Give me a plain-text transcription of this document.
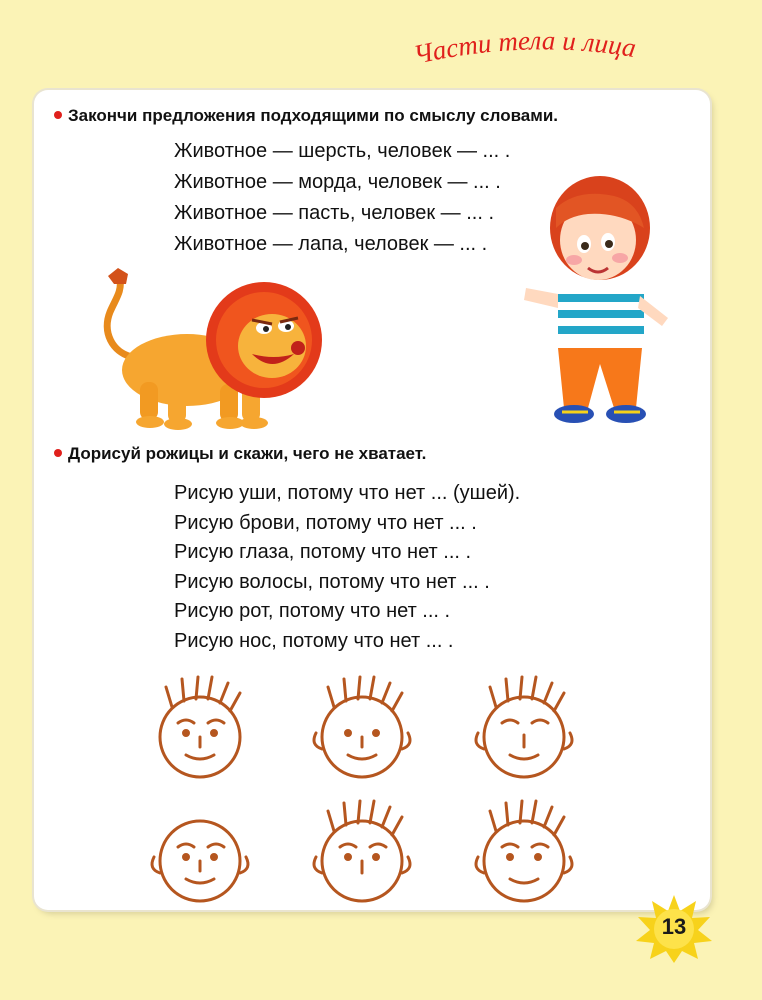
Части тела и лица
Закончи предложения подходящими по смыслу словами.
Животное — шерсть, человек — ... .
Животное — морда, человек — ... .
Животное — пасть, человек — ... .
Животное — лапа, человек — ... .
Дорисуй рожицы и скажи, чего не хватает.
Рисую уши, потому что нет ... (ушей).
Рисую брови, потому что нет ... .
Рисую глаза, потому что нет ... .
Рисую волосы, потому что нет ... .
Рисую рот, потому что нет ... .
Рисую нос, потому что нет ... .
13
